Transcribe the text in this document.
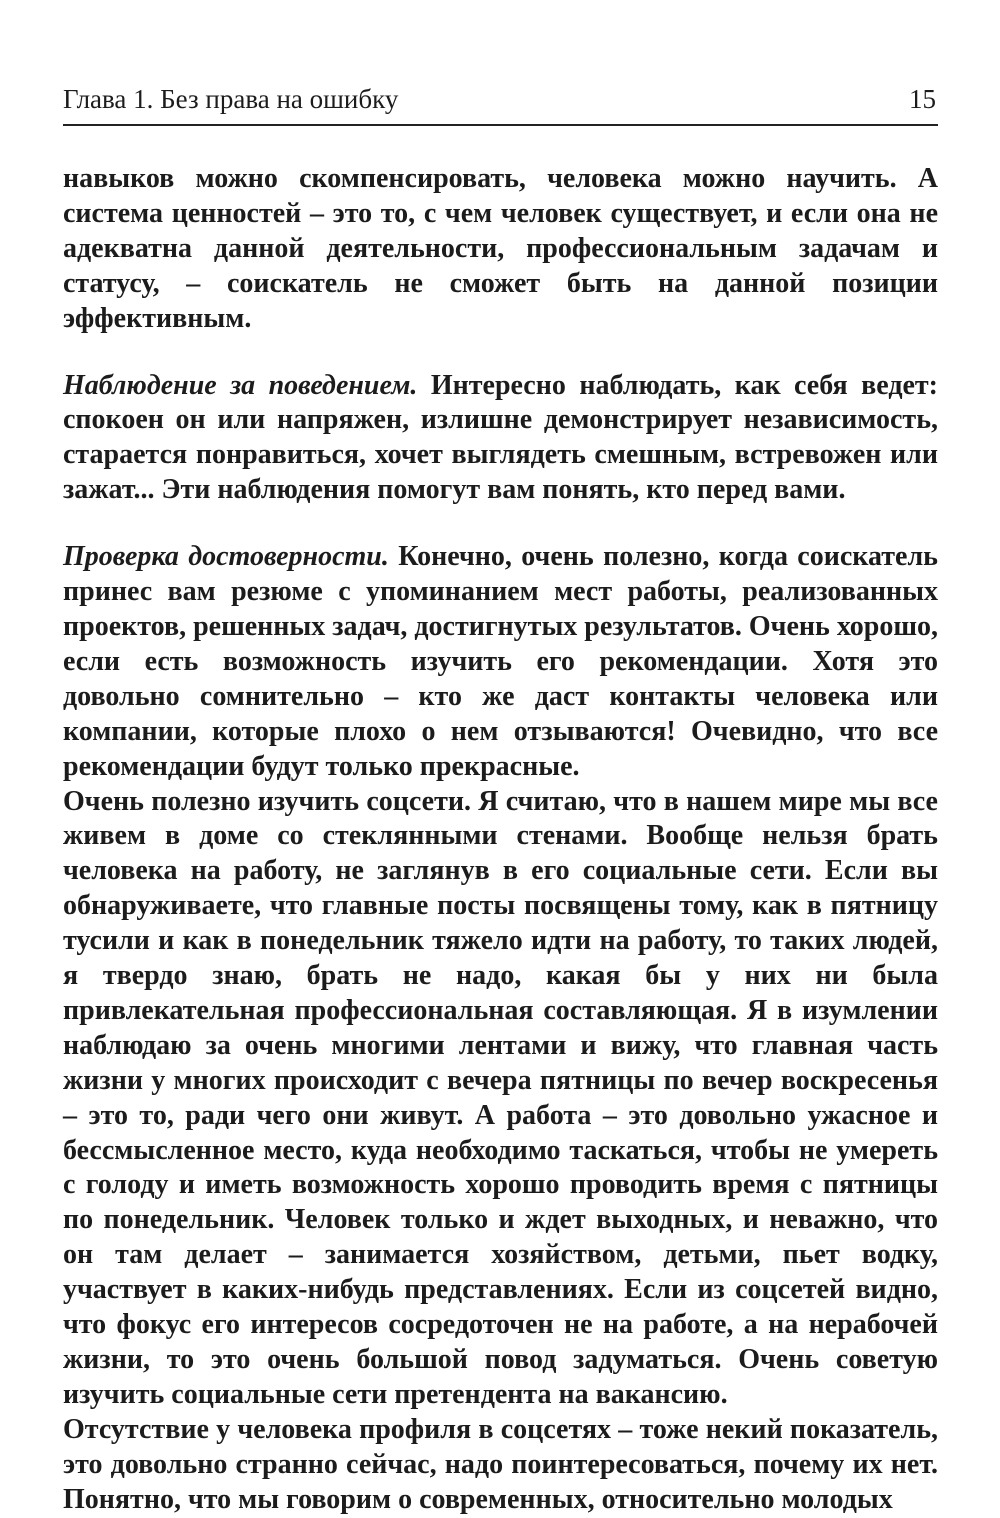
Глава 1. Без права на ошибку	15

навыков можно скомпенсировать, человека можно научить. А система ценностей – это то, с чем человек существует, и если она не адекватна данной деятельности, профессиональным задачам и статусу, – соискатель не сможет быть на данной позиции эффективным.

Наблюдение за поведением. Интересно наблюдать, как себя ведет: спокоен он или напряжен, излишне демонстрирует независимость, старается понравиться, хочет выглядеть смешным, встревожен или зажат... Эти наблюдения помогут вам понять, кто перед вами.

Проверка достоверности. Конечно, очень полезно, когда соискатель принес вам резюме с упоминанием мест работы, реализованных проектов, решенных задач, достигнутых результатов. Очень хорошо, если есть возможность изучить его рекомендации. Хотя это довольно сомнительно – кто же даст контакты человека или компании, которые плохо о нем отзываются! Очевидно, что все рекомендации будут только прекрасные.

Очень полезно изучить соцсети. Я считаю, что в нашем мире мы все живем в доме со стеклянными стенами. Вообще нельзя брать человека на работу, не заглянув в его социальные сети. Если вы обнаруживаете, что главные посты посвящены тому, как в пятницу тусили и как в понедельник тяжело идти на работу, то таких людей, я твердо знаю, брать не надо, какая бы у них ни была привлекательная профессиональная составляющая. Я в изумлении наблюдаю за очень многими лентами и вижу, что главная часть жизни у многих происходит с вечера пятницы по вечер воскресенья – это то, ради чего они живут. А работа – это довольно ужасное и бессмысленное место, куда необходимо таскаться, чтобы не умереть с голоду и иметь возможность хорошо проводить время с пятницы по понедельник. Человек только и ждет выходных, и неважно, что он там делает – занимается хозяйством, детьми, пьет водку, участвует в каких-нибудь представлениях. Если из соцсетей видно, что фокус его интересов сосредоточен не на работе, а на нерабочей жизни, то это очень большой повод задуматься. Очень советую изучить социальные сети претендента на вакансию.

Отсутствие у человека профиля в соцсетях – тоже некий показатель, это довольно странно сейчас, надо поинтересоваться, почему их нет. Понятно, что мы говорим о современных, относительно молодых
